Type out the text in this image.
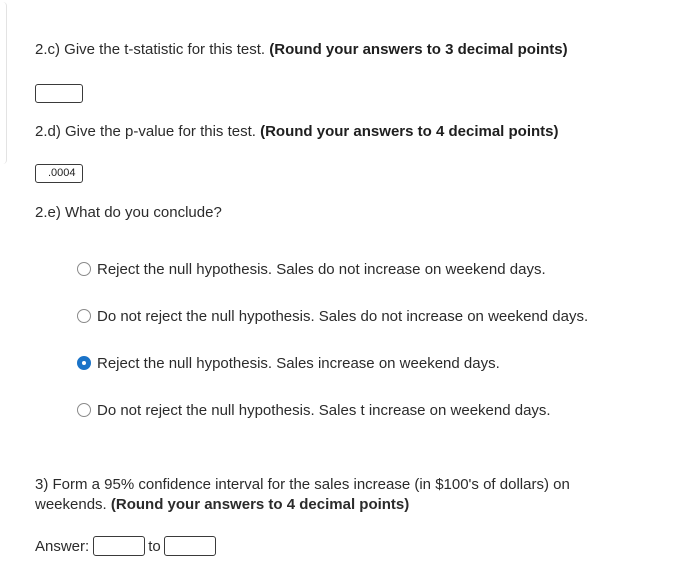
2.c) Give the t-statistic for this test. (Round your answers to 3 decimal points)
2.d) Give the p-value for this test. (Round your answers to 4 decimal points)
.0004
2.e) What do you conclude?
Reject the null hypothesis. Sales do not increase on weekend days.
Do not reject the null hypothesis. Sales do not increase on weekend days.
Reject the null hypothesis. Sales increase on weekend days.
Do not reject the null hypothesis. Sales t increase on weekend days.
3) Form a 95% confidence interval for the sales increase (in $100's of dollars) on weekends. (Round your answers to 4 decimal points)
Answer:	to
